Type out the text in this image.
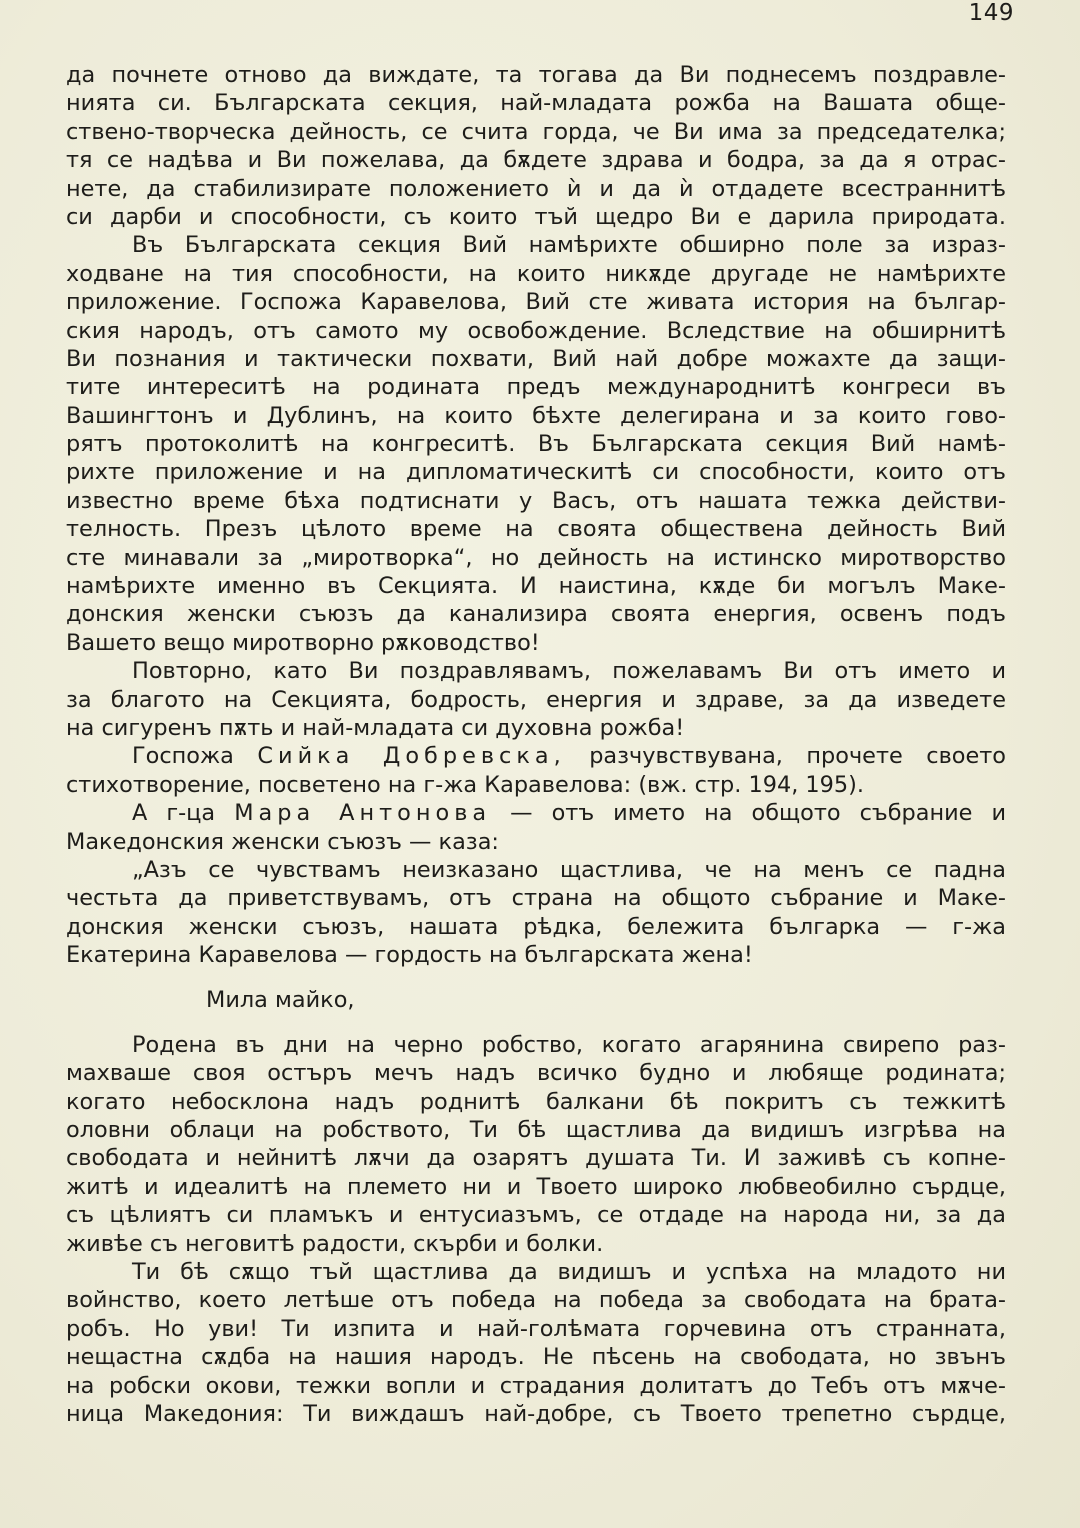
149
да почнете отново да виждате, та тогава да Ви поднесемъ поздравле-
нията си. Българската секция, най-младата рожба на Вашата обще-
ствено-творческа дейность, се счита горда, че Ви има за председателка;
тя се надѣва и Ви пожелава, да бѫдете здрава и бодра, за да я отрас-
нете, да стабилизирате положението ѝ и да ѝ отдадете всестраннитѣ
си дарби и способности, съ които тъй щедро Ви е дарила природата.
Въ Българската секция Вий намѣрихте обширно поле за израз-
ходване на тия способности, на които никѫде другаде не намѣрихте
приложение. Госпожа Каравелова, Вий сте живата история на българ-
ския народъ, отъ самото му освобождение. Вследствие на обширнитѣ
Ви познания и тактически похвати, Вий най добре можахте да защи-
тите интереситѣ на родината предъ международнитѣ конгреси въ
Вашингтонъ и Дублинъ, на които бѣхте делегирана и за които гово-
рятъ протоколитѣ на конгреситѣ. Въ Българската секция Вий намѣ-
рихте приложение и на дипломатическитѣ си способности, които отъ
известно време бѣха подтиснати у Васъ, отъ нашата тежка действи-
телность. Презъ цѣлото време на своята обществена дейность Вий
сте минавали за „миротворка“, но дейность на истинско миротворство
намѣрихте именно въ Секцията. И наистина, кѫде би могълъ Маке-
донския женски съюзъ да канализира своята енергия, освенъ подъ
Вашето вещо миротворно рѫководство!
Повторно, като Ви поздравлявамъ, пожелавамъ Ви отъ името и
за благото на Секцията, бодрость, енергия и здраве, за да изведете
на сигуренъ пѫть и най-младата си духовна рожба!
Госпожа Сийка Добревска, разчувствувана, прочете своето
стихотворение, посветено на г-жа Каравелова: (вж. стр. 194, 195).
А г-ца Мара Антонова — отъ името на общото събрание и
Македонския женски съюзъ — каза:
„Азъ се чувствамъ неизказано щастлива, че на менъ се падна
честьта да приветствувамъ, отъ страна на общото събрание и Маке-
донския женски съюзъ, нашата рѣдка, бележита българка — г-жа
Екатерина Каравелова — гордость на българската жена!
Мила майко,
Родена въ дни на черно робство, когато агарянина свирепо раз-
махваше своя остъръ мечъ надъ всичко будно и любяще родината;
когато небосклона надъ роднитѣ балкани бѣ покритъ съ тежкитѣ
оловни облаци на робството, Ти бѣ щастлива да видишъ изгрѣва на
свободата и нейнитѣ лѫчи да озарятъ душата Ти. И заживѣ съ копне-
житѣ и идеалитѣ на племето ни и Твоето широко любвеобилно сърдце,
съ цѣлиятъ си пламъкъ и ентусиазъмъ, се отдаде на народа ни, за да
живѣе съ неговитѣ радости, скърби и болки.
Ти бѣ сѫщо тъй щастлива да видишъ и успѣха на младото ни
войнство, което летѣше отъ победа на победа за свободата на брата-
робъ. Но уви! Ти изпита и най-голѣмата горчевина отъ странната,
нещастна сѫдба на нашия народъ. Не пѣсень на свободата, но звънъ
на робски окови, тежки вопли и страдания долитатъ до Тебъ отъ мѫче-
ница Македония: Ти виждашъ най-добре, съ Твоето трепетно сърдце,
